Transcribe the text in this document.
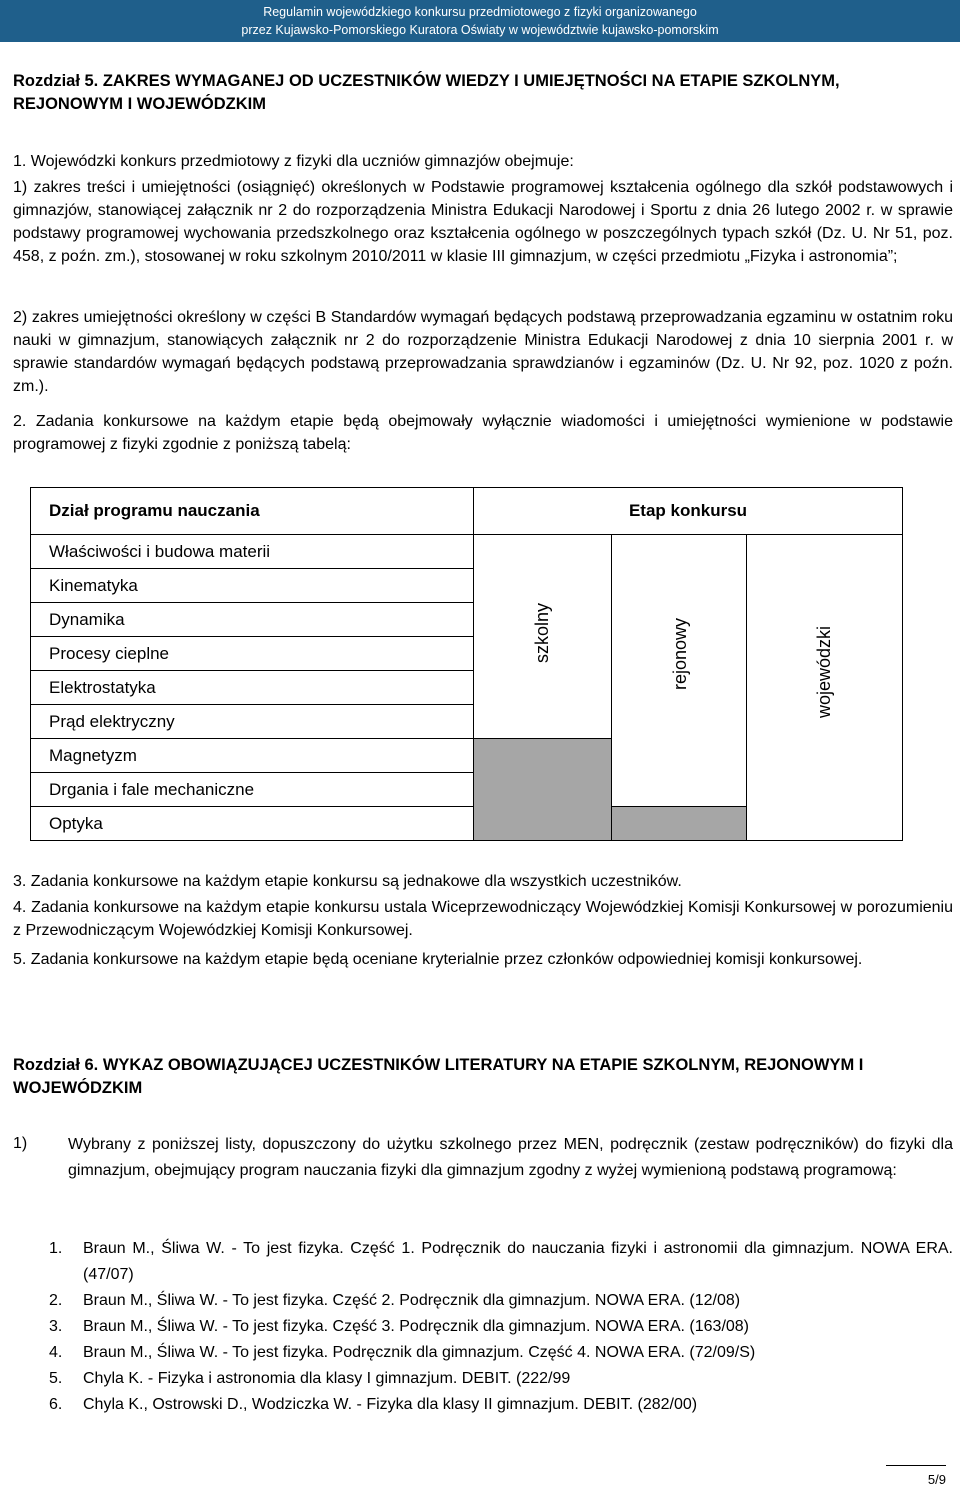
Regulamin wojewódzkiego konkursu przedmiotowego z fizyki organizowanego
przez Kujawsko-Pomorskiego Kuratora Oświaty w województwie kujawsko-pomorskim

Rozdział 5. ZAKRES WYMAGANEJ OD UCZESTNIKÓW WIEDZY I UMIEJĘTNOŚCI NA ETAPIE SZKOLNYM, REJONOWYM I WOJEWÓDZKIM

1. Wojewódzki konkurs przedmiotowy z fizyki dla uczniów gimnazjów obejmuje:

1) zakres treści i umiejętności (osiągnięć) określonych w Podstawie programowej kształcenia ogólnego dla szkół podstawowych i gimnazjów, stanowiącej załącznik nr 2 do rozporządzenia Ministra Edukacji Narodowej i Sportu z dnia 26 lutego 2002 r. w sprawie podstawy programowej wychowania przedszkolnego oraz kształcenia ogólnego w poszczególnych typach szkół (Dz. U. Nr 51, poz. 458, z poźn. zm.), stosowanej w roku szkolnym 2010/2011 w klasie III gimnazjum, w części przedmiotu „Fizyka i astronomia”;

2) zakres umiejętności określony w części B Standardów wymagań będących podstawą przeprowadzania egzaminu w ostatnim roku nauki w gimnazjum, stanowiących załącznik nr 2 do rozporządzenie Ministra Edukacji Narodowej z dnia 10 sierpnia 2001 r. w sprawie standardów wymagań będących podstawą przeprowadzania sprawdzianów i egzaminów (Dz. U. Nr 92, poz. 1020 z poźn. zm.).

2. Zadania konkursowe na każdym etapie będą obejmowały wyłącznie wiadomości i umiejętności wymienione w podstawie programowej z fizyki zgodnie z poniższą tabelą:

Dział programu nauczania	Etap konkursu		
Właściwości i budowa materii	szkolny	rejonowy	wojewódzki

Kinematyka			
Dynamika			
Procesy cieplne			
Elektrostatyka			
Prąd elektryczny			
Magnetyzm			
Drgania i fale mechaniczne			
Optyka			

3. Zadania konkursowe na każdym etapie konkursu są jednakowe dla wszystkich uczestników.

4. Zadania konkursowe na każdym etapie konkursu ustala Wiceprzewodniczący Wojewódzkiej Komisji Konkursowej w porozumieniu z Przewodniczącym Wojewódzkiej Komisji Konkursowej.

5. Zadania konkursowe na każdym etapie będą oceniane kryterialnie przez członków odpowiedniej komisji konkursowej.

Rozdział 6. WYKAZ OBOWIĄZUJĄCEJ UCZESTNIKÓW LITERATURY NA ETAPIE SZKOLNYM, REJONOWYM I WOJEWÓDZKIM

1)	Wybrany z poniższej listy, dopuszczony do użytku szkolnego przez MEN, podręcznik (zestaw podręczników) do fizyki dla gimnazjum, obejmujący program nauczania fizyki dla gimnazjum zgodny z wyżej wymienioną podstawą programową:
1.	Braun M., Śliwa W. - To jest fizyka. Część 1. Podręcznik do nauczania fizyki i astronomii dla gimnazjum. NOWA ERA. (47/07)
2.	Braun M., Śliwa W. - To jest fizyka. Część 2. Podręcznik dla gimnazjum. NOWA ERA. (12/08)
3.	Braun M., Śliwa W. - To jest fizyka. Część 3. Podręcznik dla gimnazjum. NOWA ERA. (163/08)
4.	Braun M., Śliwa W. - To jest fizyka. Podręcznik dla gimnazjum. Część 4. NOWA ERA. (72/09/S)
5.	Chyla K. - Fizyka i astronomia dla klasy I gimnazjum. DEBIT. (222/99
6.	Chyla K., Ostrowski D., Wodziczka W. - Fizyka dla klasy II gimnazjum. DEBIT. (282/00)
5/9
